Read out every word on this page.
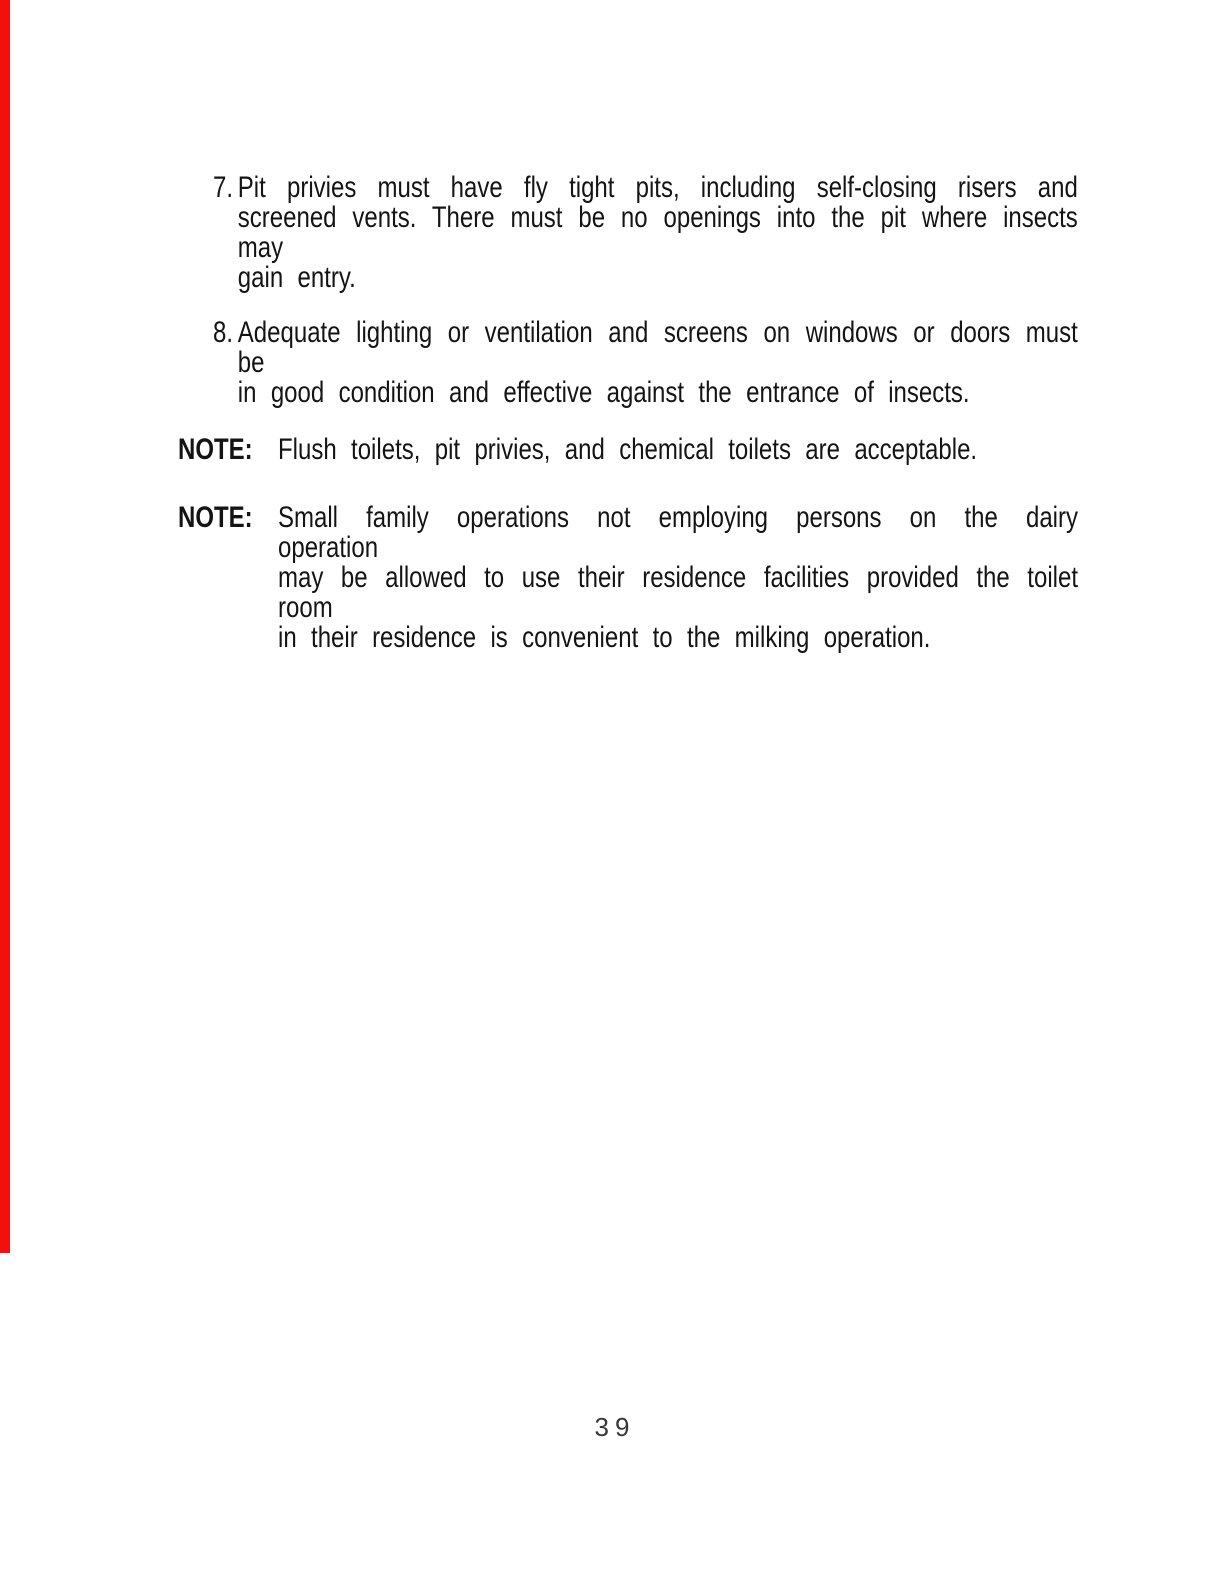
7. Pit privies must have fly tight pits, including self-closing risers and
screened vents. There must be no openings into the pit where insects may
gain entry.
8. Adequate lighting or ventilation and screens on windows or doors must be
in good condition and effective against the entrance of insects.
NOTE: Flush toilets, pit privies, and chemical toilets are acceptable.
NOTE: Small family operations not employing persons on the dairy operation
may be allowed to use their residence facilities provided the toilet room
in their residence is convenient to the milking operation.
39
